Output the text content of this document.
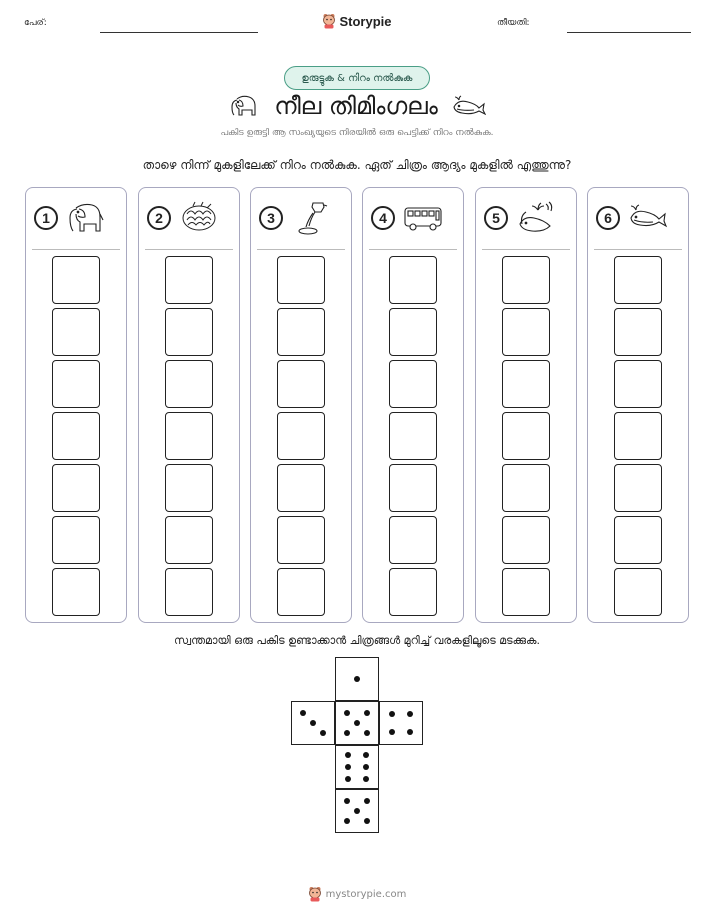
പേര്:	Storypie	തീയതി:
ഉരുട്ടുക & നിറം നൽകുക
നീല തിമിംഗലം
പകിട ഉരുട്ടി ആ സംഖ്യയുടെ നിരയിൽ ഒരു പെട്ടിക്ക് നിറം നൽകുക.
താഴെ നിന്ന് മുകളിലേക്ക് നിറം നൽകുക. ഏത് ചിത്രം ആദ്യം മുകളിൽ എത്തുന്നു?
1	2	3	4	5	6
സ്വന്തമായി ഒരു പകിട ഉണ്ടാക്കാൻ ചിത്രങ്ങൾ മുറിച്ച് വരകളിലൂടെ മടക്കുക.
mystorypie.com
